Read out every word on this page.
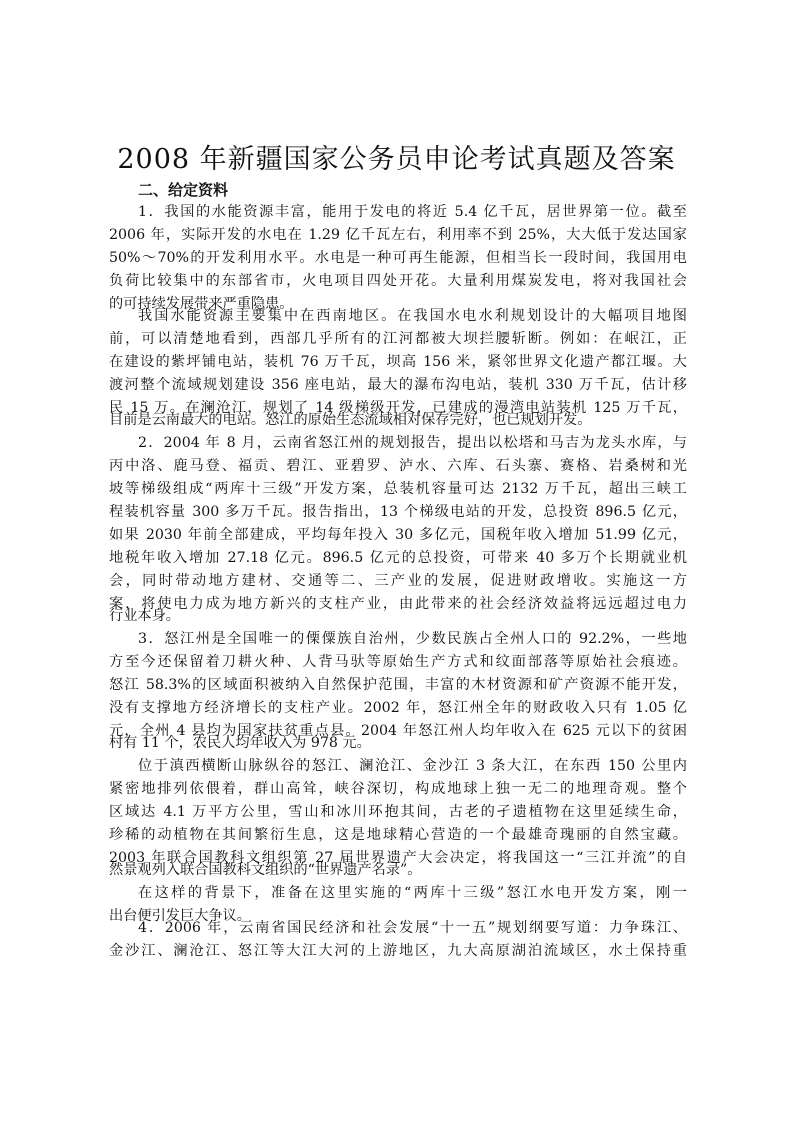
2008 年新疆国家公务员申论考试真题及答案
二、给定资料
1．我国的水能资源丰富，能用于发电的将近 5.4 亿千瓦，居世界第一位。截至
2006 年，实际开发的水电在 1.29 亿千瓦左右，利用率不到 25%，大大低于发达国家
50%～70%的开发利用水平。水电是一种可再生能源，但相当长一段时间，我国用电
负荷比较集中的东部省市，火电项目四处开花。大量利用煤炭发电，将对我国社会
的可持续发展带来严重隐患。
我国水能资源主要集中在西南地区。在我国水电水利规划设计的大幅项目地图
前，可以清楚地看到，西部几乎所有的江河都被大坝拦腰斩断。例如：在岷江，正
在建设的紫坪铺电站，装机 76 万千瓦，坝高 156 米，紧邻世界文化遗产都江堰。大
渡河整个流域规划建设 356 座电站，最大的瀑布沟电站，装机 330 万千瓦，估计移
民 15 万。在澜沧江，规划了 14 级梯级开发，已建成的漫湾电站装机 125 万千瓦，
目前是云南最大的电站。怒江的原始生态流域相对保存完好，也已规划开发。
2．2004 年 8 月，云南省怒江州的规划报告，提出以松塔和马吉为龙头水库，与
丙中洛、鹿马登、福贡、碧江、亚碧罗、泸水、六库、石头寨、赛格、岩桑树和光
坡等梯级组成“两库十三级”开发方案，总装机容量可达 2132 万千瓦，超出三峡工
程装机容量 300 多万千瓦。报告指出，13 个梯级电站的开发，总投资 896.5 亿元，
如果 2030 年前全部建成，平均每年投入 30 多亿元，国税年收入增加 51.99 亿元，
地税年收入增加 27.18 亿元。896.5 亿元的总投资，可带来 40 多万个长期就业机
会，同时带动地方建材、交通等二、三产业的发展，促进财政增收。实施这一方
案，将使电力成为地方新兴的支柱产业，由此带来的社会经济效益将远远超过电力
行业本身。
3．怒江州是全国唯一的傈僳族自治州，少数民族占全州人口的 92.2%，一些地
方至今还保留着刀耕火种、人背马驮等原始生产方式和纹面部落等原始社会痕迹。
怒江 58.3%的区域面积被纳入自然保护范围，丰富的木材资源和矿产资源不能开发，
没有支撑地方经济增长的支柱产业。2002 年，怒江州全年的财政收入只有 1.05 亿
元，全州 4 县均为国家扶贫重点县。2004 年怒江州人均年收入在 625 元以下的贫困
村有 11 个，农民人均年收入为 978 元。
位于滇西横断山脉纵谷的怒江、澜沧江、金沙江 3 条大江，在东西 150 公里内
紧密地排列依偎着，群山高耸，峡谷深切，构成地球上独一无二的地理奇观。整个
区域达 4.1 万平方公里，雪山和冰川环抱其间，古老的孑遗植物在这里延续生命，
珍稀的动植物在其间繁衍生息，这是地球精心营造的一个最雄奇瑰丽的自然宝藏。
2003 年联合国教科文组织第 27 届世界遗产大会决定，将我国这一“三江并流”的自
然景观列入联合国教科文组织的“世界遗产名录”。
在这样的背景下，准备在这里实施的“两库十三级”怒江水电开发方案，刚一
出台便引发巨大争议。
4．2006 年，云南省国民经济和社会发展“十一五”规划纲要写道：力争珠江、
金沙江、澜沧江、怒江等大江大河的上游地区，九大高原湖泊流域区，水土保持重
